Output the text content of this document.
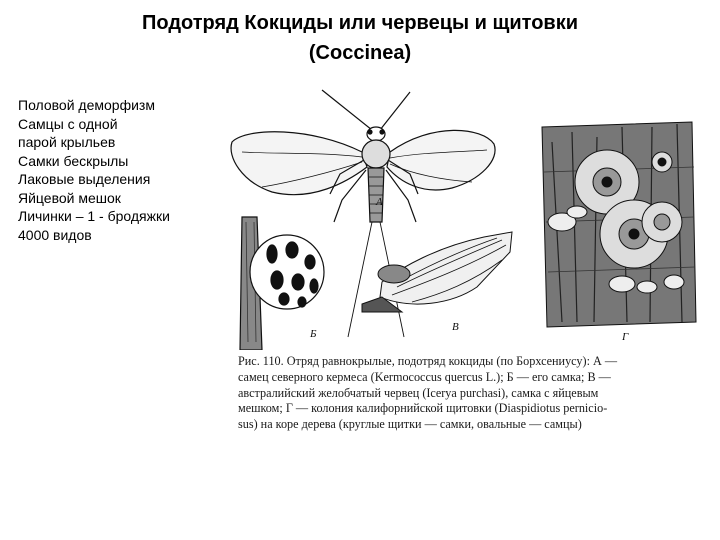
Подотряд Кокциды или червецы и щитовки
(Coccinea)
Половой деморфизм
Самцы с одной
парой крыльев
Самки бескрылы
Лаковые выделения
Яйцевой мешок
Личинки – 1 - бродяжки
4000 видов
А
Б
В
Г
Рис. 110. Отряд равнокрылые, подотряд кокциды (по Борхсениусу): А —
самец северного кермеса (Kermococcus quercus L.); Б — его самка; В —
австралийский желобчатый червец (Icerya purchasi), самка с яйцевым
мешком; Г — колония калифорнийской щитовки (Diaspidiotus pernicio-
sus) на коре дерева (круглые щитки — самки, овальные — самцы)
